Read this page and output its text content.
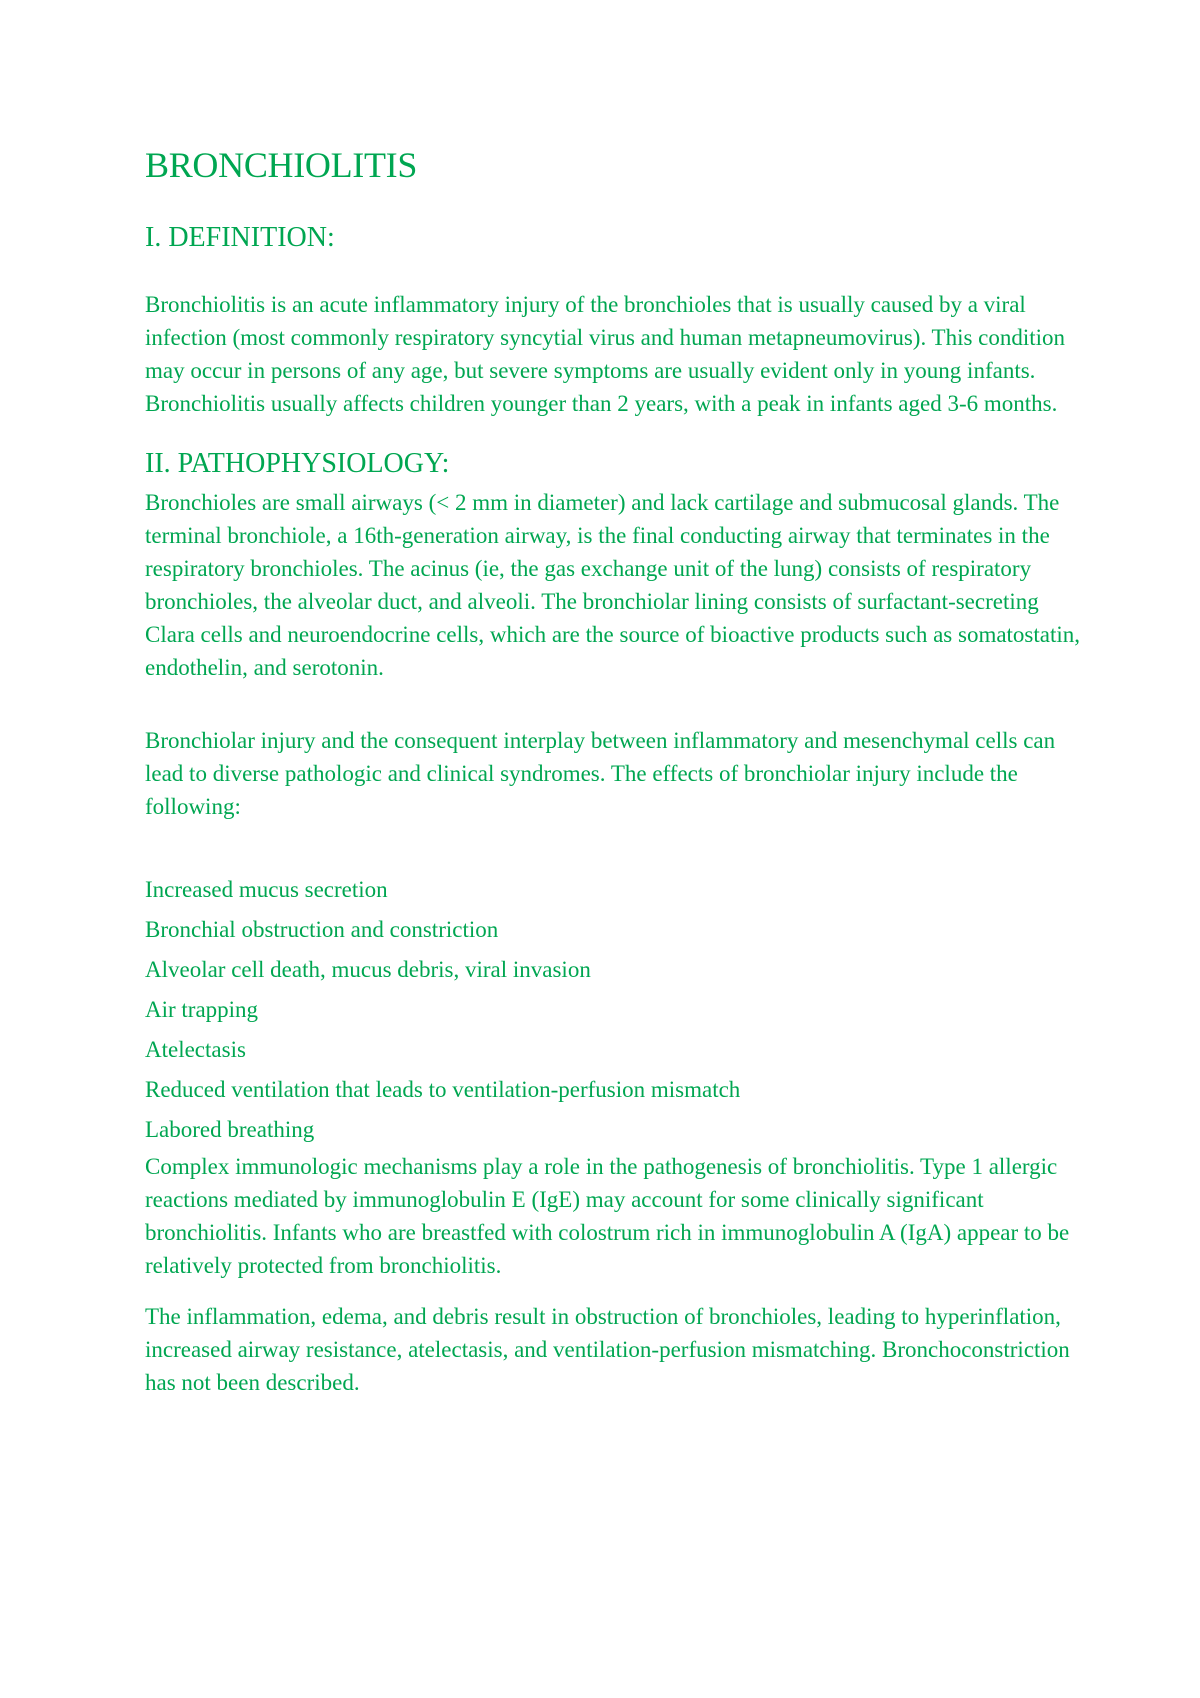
BRONCHIOLITIS
I. DEFINITION:

Bronchiolitis is an acute inflammatory injury of the bronchioles that is usually caused by a viral infection (most commonly respiratory syncytial virus and human metapneumovirus). This condition may occur in persons of any age, but severe symptoms are usually evident only in young infants. Bronchiolitis usually affects children younger than 2 years, with a peak in infants aged 3-6 months.

II. PATHOPHYSIOLOGY:

Bronchioles are small airways (< 2 mm in diameter) and lack cartilage and submucosal glands. The terminal bronchiole, a 16th-generation airway, is the final conducting airway that terminates in the respiratory bronchioles. The acinus (ie, the gas exchange unit of the lung) consists of respiratory bronchioles, the alveolar duct, and alveoli. The bronchiolar lining consists of surfactant-secreting Clara cells and neuroendocrine cells, which are the source of bioactive products such as somatostatin, endothelin, and serotonin.

Bronchiolar injury and the consequent interplay between inflammatory and mesenchymal cells can lead to diverse pathologic and clinical syndromes. The effects of bronchiolar injury include the following:

Increased mucus secretion
Bronchial obstruction and constriction
Alveolar cell death, mucus debris, viral invasion
Air trapping
Atelectasis
Reduced ventilation that leads to ventilation-perfusion mismatch
Labored breathing

Complex immunologic mechanisms play a role in the pathogenesis of bronchiolitis. Type 1 allergic reactions mediated by immunoglobulin E (IgE) may account for some clinically significant bronchiolitis. Infants who are breastfed with colostrum rich in immunoglobulin A (IgA) appear to be relatively protected from bronchiolitis.

The inflammation, edema, and debris result in obstruction of bronchioles, leading to hyperinflation, increased airway resistance, atelectasis, and ventilation-perfusion mismatching. Bronchoconstriction has not been described.
